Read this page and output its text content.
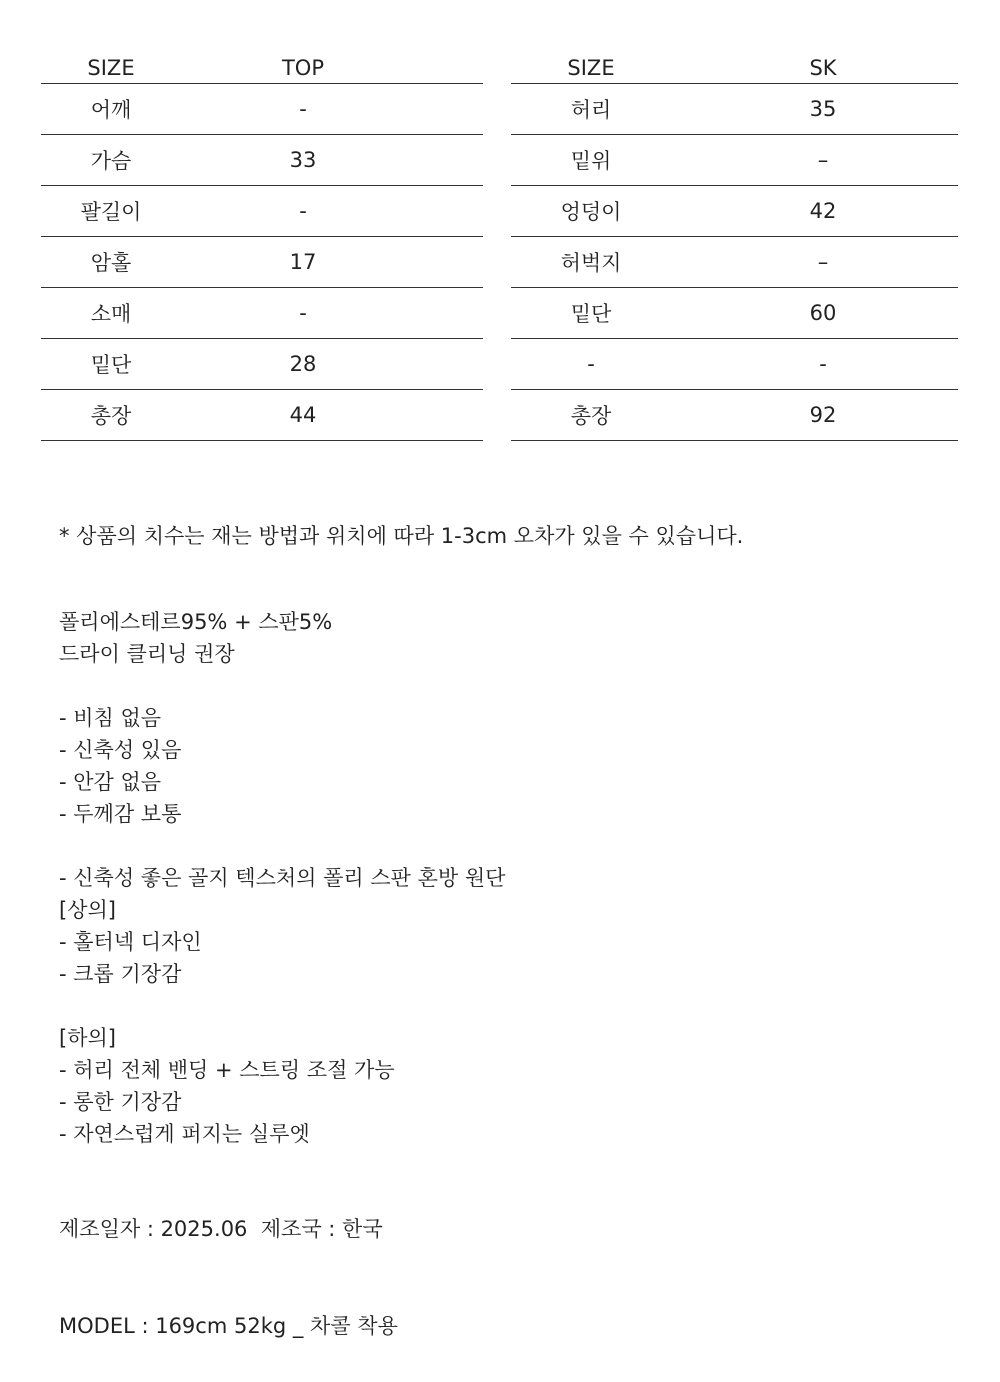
SIZE	TOP
어깨	-
가슴	33
팔길이	-
암홀	17
소매	-
밑단	28
총장	44
SIZE	SK
허리	35
밑위	–
엉덩이	42
허벅지	–
밑단	60
-	-
총장	92

* 상품의 치수는 재는 방법과 위치에 따라 1-3cm 오차가 있을 수 있습니다.

폴리에스테르95% + 스판5%
드라이 클리닝 권장
- 비침 없음
- 신축성 있음
- 안감 없음
- 두께감 보통
- 신축성 좋은 골지 텍스처의 폴리 스판 혼방 원단
[상의]
- 홀터넥 디자인
- 크롭 기장감
[하의]
- 허리 전체 밴딩 + 스트링 조절 가능
- 롱한 기장감
- 자연스럽게 퍼지는 실루엣

제조일자 : 2025.06  제조국 : 한국

MODEL : 169cm 52kg _ 차콜 착용
